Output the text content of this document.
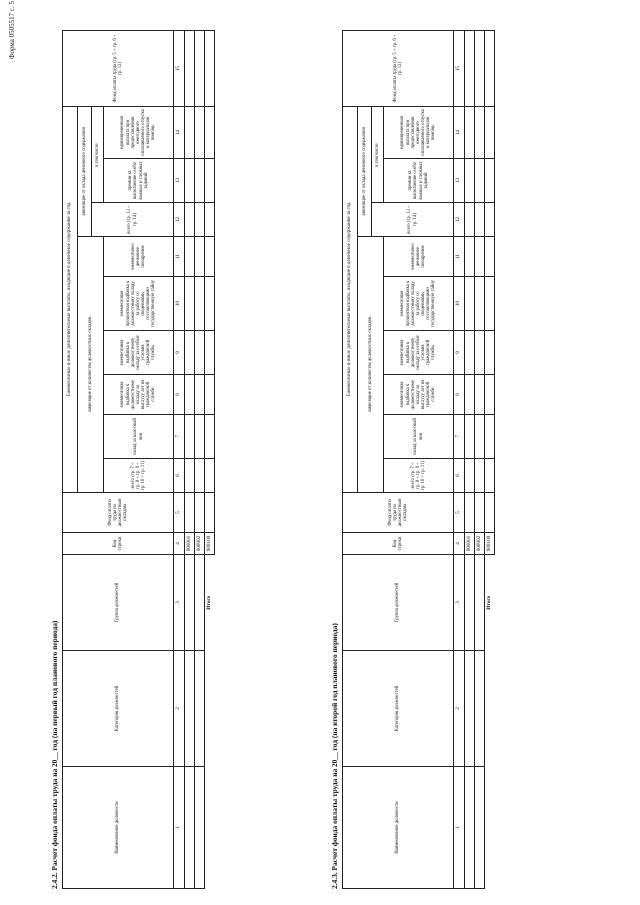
Форма 0505517 с. 5
2.4.2. Расчет фонда оплаты труда на 20__ год (на первый год планового периода)	Наименование должности	Категория должностей	Группа должностей	Код строки	Фонд оплаты труда по должностным окладам	Ежемесячные и иные дополнительные выплаты, входящие в денежное содержание за год									Фонд оплаты труда (гр. 5 + гр. 6 + гр. 12)
					зависящие от количества должностных окладов						зависящие от оклада денежного содержания			
											всего (гр. 13 + гр. 14)	в том числе:		
					всего (гр. 7 + гр. 8 + гр. 9 + гр. 10 + гр. 11)	оклад за классный чин	ежемесячная надбавка к должностному окладу за выслугу лет на гражданской службе	ежемесячная надбавка к должностному окладу за особые условия гражданской службы	ежемесячная процентная надбавка к должностному окладу за работу со сведениями, составляющими государственную тайну	ежемесячное денежное поощрение		премии за выполнение особо важных и сложных заданий	единовременная выплата при предоставлении ежегодного оплачиваемого отпуска и материальная помощь	
1	2	3	4	5	6	7	8	9	10	11	12	13	14	15
			000001											
			000002											
		Итого	900100											
2.4.3. Расчет фонда оплаты труда на 20__ год (на второй год планового периода)	Наименование должности	Категория должностей	Группа должностей	Код строки	Фонд оплаты труда по должностным окладам	Ежемесячные и иные дополнительные выплаты, входящие в денежное содержание за год									Фонд оплаты труда (гр. 5 + гр. 6 + гр. 12)
					зависящие от количества должностных окладов						зависящие от оклада денежного содержания			
											всего (гр. 13 + гр. 14)	в том числе:		
					всего (гр. 7 + гр. 8 + гр. 9 + гр. 10 + гр. 11)	оклад за классный чин	ежемесячная надбавка к должностному окладу за выслугу лет на гражданской службе	ежемесячная надбавка к должностному окладу за особые условия гражданской службы	ежемесячная процентная надбавка к должностному окладу за работу со сведениями, составляющими государственную тайну	ежемесячное денежное поощрение		премии за выполнение особо важных и сложных заданий	единовременная выплата при предоставлении ежегодного оплачиваемого отпуска и материальная помощь	
1	2	3	4	5	6	7	8	9	10	11	12	13	14	15
			000001											
			000002											
		Итого	900100											
